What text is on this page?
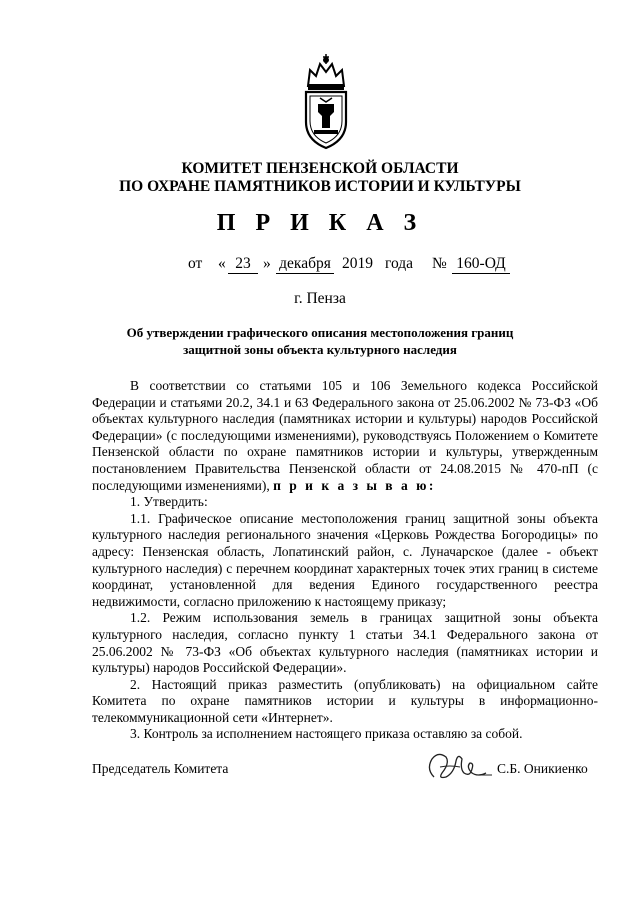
КОМИТЕТ ПЕНЗЕНСКОЙ ОБЛАСТИ
ПО ОХРАНЕ ПАМЯТНИКОВ ИСТОРИИ И КУЛЬТУРЫ
П Р И К А З
от « 23 » декабря 2019 года № 160-ОД
г. Пенза
Об утверждении графического описания местоположения границ
защитной зоны объекта культурного наследия

В соответствии со статьями 105 и 106 Земельного кодекса Российской Федерации и статьями 20.2, 34.1 и 63 Федерального закона от 25.06.2002 № 73-ФЗ «Об объектах культурного наследия (памятниках истории и культуры) народов Российской Федерации» (с последующими изменениями), руководствуясь Положением о Комитете Пензенской области по охране памятников истории и культуры, утвержденным постановлением Правительства Пензенской области от 24.08.2015 № 470-пП (с последующими изменениями), п р и к а з ы в а ю:

1. Утвердить:

1.1. Графическое описание местоположения границ защитной зоны объекта культурного наследия регионального значения «Церковь Рождества Богородицы» по адресу: Пензенская область, Лопатинский район, с. Луначарское (далее - объект культурного наследия) с перечнем координат характерных точек этих границ в системе координат, установленной для ведения Единого государственного реестра недвижимости, согласно приложению к настоящему приказу;

1.2. Режим использования земель в границах защитной зоны объекта культурного наследия, согласно пункту 1 статьи 34.1 Федерального закона от 25.06.2002 № 73-ФЗ «Об объектах культурного наследия (памятниках истории и культуры) народов Российской Федерации».

2. Настоящий приказ разместить (опубликовать) на официальном сайте Комитета по охране памятников истории и культуры в информационно-телекоммуникационной сети «Интернет».

3. Контроль за исполнением настоящего приказа оставляю за собой.

Председатель Комитета	С.Б. Оникиенко
